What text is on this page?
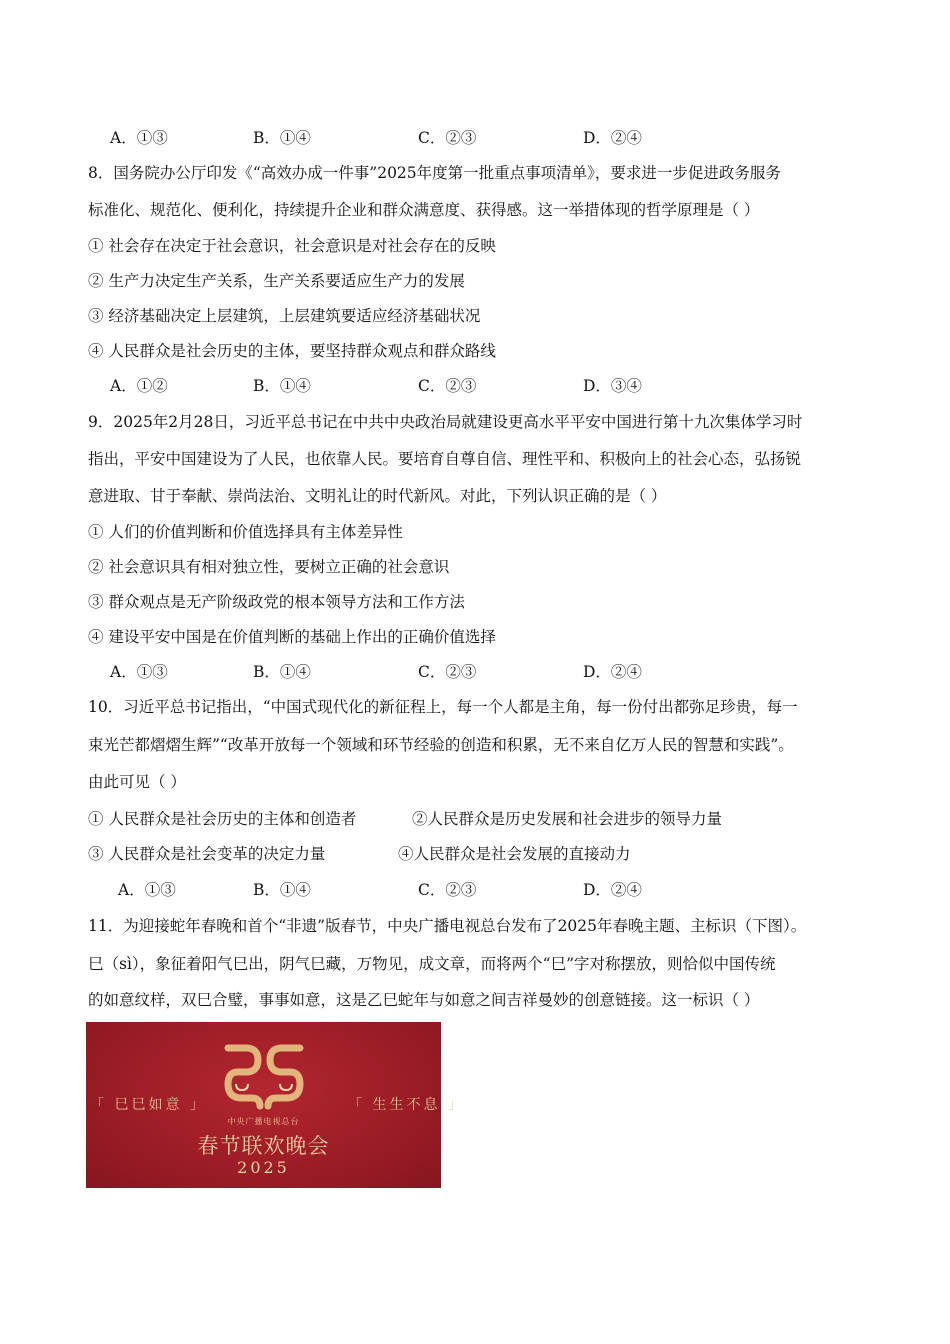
A．①③	B．①④	C．②③	D．②④
8．国务院办公厅印发《“高效办成一件事”2025年度第一批重点事项清单》，要求进一步促进政务服务
标准化、规范化、便利化，持续提升企业和群众满意度、获得感。这一举措体现的哲学原理是（ ）
① 社会存在决定于社会意识，社会意识是对社会存在的反映
② 生产力决定生产关系，生产关系要适应生产力的发展
③ 经济基础决定上层建筑，上层建筑要适应经济基础状况
④ 人民群众是社会历史的主体，要坚持群众观点和群众路线
A．①②	B．①④	C．②③	D．③④
9．2025年2月28日，习近平总书记在中共中央政治局就建设更高水平平安中国进行第十九次集体学习时
指出，平安中国建设为了人民，也依靠人民。要培育自尊自信、理性平和、积极向上的社会心态，弘扬锐
意进取、甘于奉献、崇尚法治、文明礼让的时代新风。对此，下列认识正确的是（ ）
① 人们的价值判断和价值选择具有主体差异性
② 社会意识具有相对独立性，要树立正确的社会意识
③ 群众观点是无产阶级政党的根本领导方法和工作方法
④ 建设平安中国是在价值判断的基础上作出的正确价值选择
A．①③	B．①④	C．②③	D．②④
10．习近平总书记指出，“中国式现代化的新征程上，每一个人都是主角，每一份付出都弥足珍贵，每一
束光芒都熠熠生辉”“改革开放每一个领域和环节经验的创造和积累，无不来自亿万人民的智慧和实践”。
由此可见（ ）
① 人民群众是社会历史的主体和创造者	②人民群众是历史发展和社会进步的领导力量
③ 人民群众是社会变革的决定力量	④人民群众是社会发展的直接动力
A．①③	B．①④	C．②③	D．②④
11．为迎接蛇年春晚和首个“非遗”版春节，中央广播电视总台发布了2025年春晚主题、主标识（下图）。
巳（sì），象征着阳气巳出，阴气巳藏，万物见，成文章，而将两个“巳”字对称摆放，则恰似中国传统
的如意纹样，双巳合璧，事事如意，这是乙巳蛇年与如意之间吉祥曼妙的创意链接。这一标识（ ）
「 巳巳如意 」	「 生生不息 」
中央广播电视总台
春节联欢晚会
2025
